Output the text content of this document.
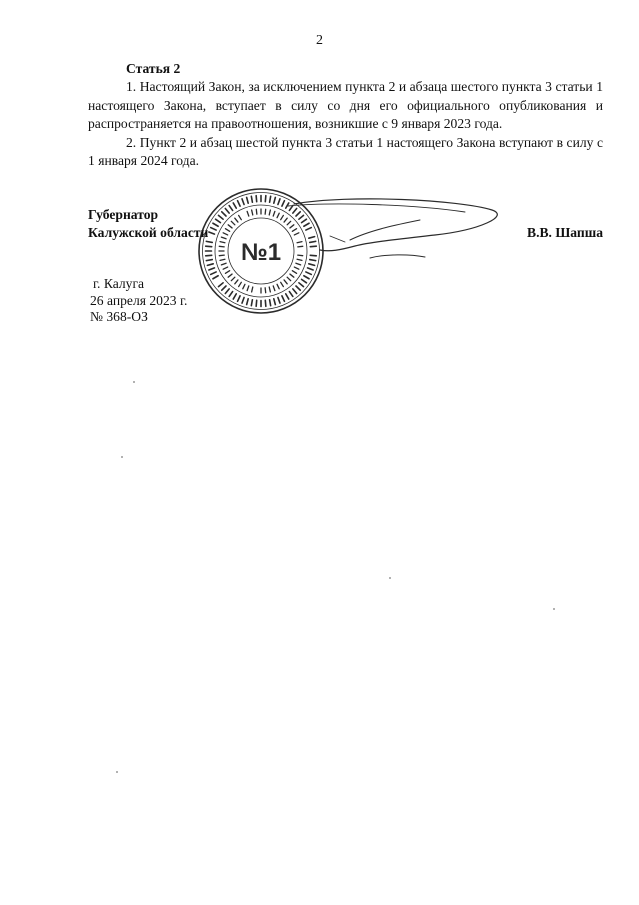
2

Статья 2

1. Настоящий Закон, за исключением пункта 2 и абзаца шестого пункта 3 статьи 1 настоящего Закона, вступает в силу со дня его официального опубликования и распространяется на правоотношения, возникшие с 9 января 2023 года.

2. Пункт 2 и абзац шестой пункта 3 статьи 1 настоящего Закона вступают в силу с 1 января 2024 года.

№1
Губернатор
Калужской области	В.В. Шапша
г. Калуга
26 апреля 2023 г.
№ 368-ОЗ
